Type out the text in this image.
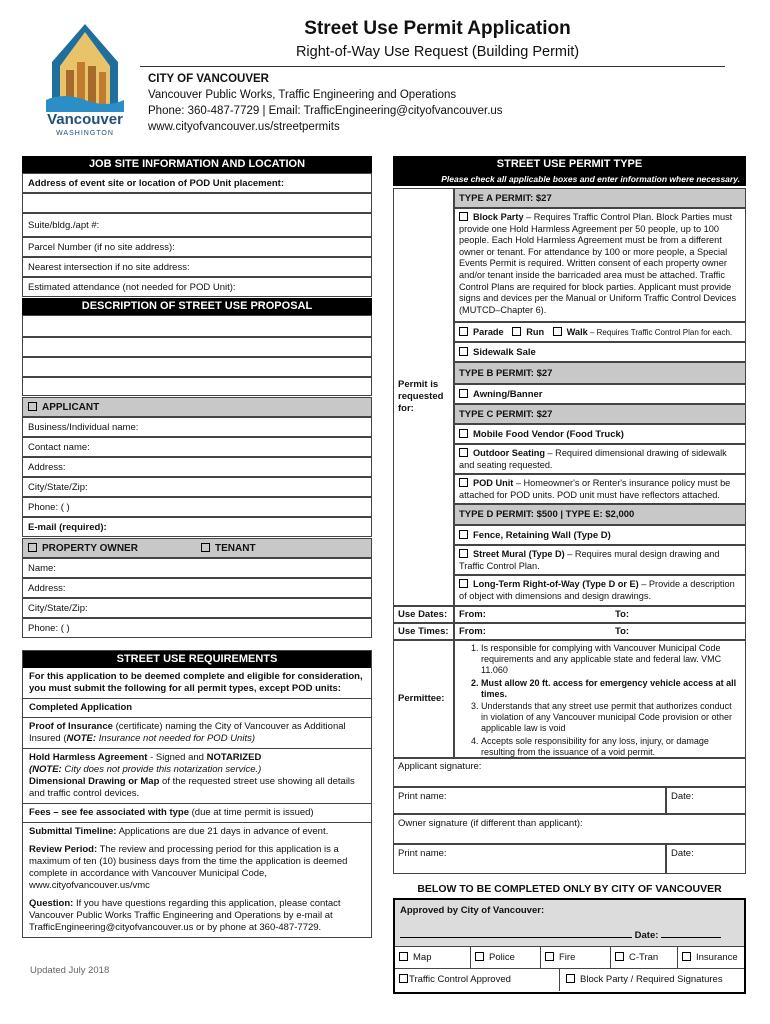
Vancouver
WASHINGTON
Street Use Permit Application
Right-of-Way Use Request (Building Permit)
CITY OF VANCOUVER
Vancouver Public Works, Traffic Engineering and Operations
Phone: 360-487-7729 | Email: TrafficEngineering@cityofvancouver.us
www.cityofvancouver.us/streetpermits
JOB SITE INFORMATION AND LOCATION
Address of event site or location of POD Unit placement:
Suite/bldg./apt #:
Parcel Number (if no site address):
Nearest intersection if no site address:
Estimated attendance (not needed for POD Unit):
DESCRIPTION OF STREET USE PROPOSAL
APPLICANT
Business/Individual name:
Contact name:
Address:
City/State/Zip:
Phone: ( )
E-mail (required):
PROPERTY OWNER	TENANT
Name:
Address:
City/State/Zip:
Phone: ( )
STREET USE REQUIREMENTS
For this application to be deemed complete and eligible for consideration, you must submit the following for all permit types, except POD units:
Completed Application
Proof of Insurance (certificate) naming the City of Vancouver as Additional Insured (NOTE: Insurance not needed for POD Units)
Hold Harmless Agreement - Signed and NOTARIZED
(NOTE: City does not provide this notarization service.)
Dimensional Drawing or Map of the requested street use showing all details and traffic control devices.
Fees – see fee associated with type (due at time permit is issued)
Submittal Timeline: Applications are due 21 days in advance of event.
Review Period: The review and processing period for this application is a maximum of ten (10) business days from the time the application is deemed complete in accordance with Vancouver Municipal Code, www.cityofvancouver.us/vmc
Question: If you have questions regarding this application, please contact Vancouver Public Works Traffic Engineering and Operations by e-mail at TrafficEngineering@cityofvancouver.us or by phone at 360-487-7729.
Updated July 2018
STREET USE PERMIT TYPE
Please check all applicable boxes and enter information where necessary.
Permit is requested for:
TYPE A PERMIT: $27
Block Party – Requires Traffic Control Plan. Block Parties must provide one Hold Harmless Agreement per 50 people, up to 100 people. Each Hold Harmless Agreement must be from a different owner or tenant. For attendance by 100 or more people, a Special Events Permit is required. Written consent of each property owner and/or tenant inside the barricaded area must be attached. Traffic Control Plans are required for block parties. Applicant must provide signs and devices per the Manual or Uniform Traffic Control Devices (MUTCD–Chapter 6).
Parade Run Walk – Requires Traffic Control Plan for each.
Sidewalk Sale
TYPE B PERMIT: $27
Awning/Banner
TYPE C PERMIT: $27
Mobile Food Vendor (Food Truck)
Outdoor Seating – Required dimensional drawing of sidewalk and seating requested.
POD Unit – Homeowner's or Renter's insurance policy must be attached for POD units. POD unit must have reflectors attached.
TYPE D PERMIT: $500 | TYPE E: $2,000
Fence, Retaining Wall (Type D)
Street Mural (Type D) – Requires mural design drawing and Traffic Control Plan.
Long-Term Right-of-Way (Type D or E) – Provide a description of object with dimensions and design drawings.
Use Dates:	From:	To:
Use Times:	From:	To:
Permittee:
1. Is responsible for complying with Vancouver Municipal Code requirements and any applicable state and federal law. VMC 11.060
2. Must allow 20 ft. access for emergency vehicle access at all times.
3. Understands that any street use permit that authorizes conduct in violation of any Vancouver municipal Code provision or other applicable law is void
4. Accepts sole responsibility for any loss, injury, or damage resulting from the issuance of a void permit.
Applicant signature:
Print name:	Date:
Owner signature (if different than applicant):
Print name:	Date:
BELOW TO BE COMPLETED ONLY BY CITY OF VANCOUVER
Approved by City of Vancouver:
Date:
Map	Police	Fire	C-Tran	Insurance
Traffic Control Approved	Block Party / Required Signatures
